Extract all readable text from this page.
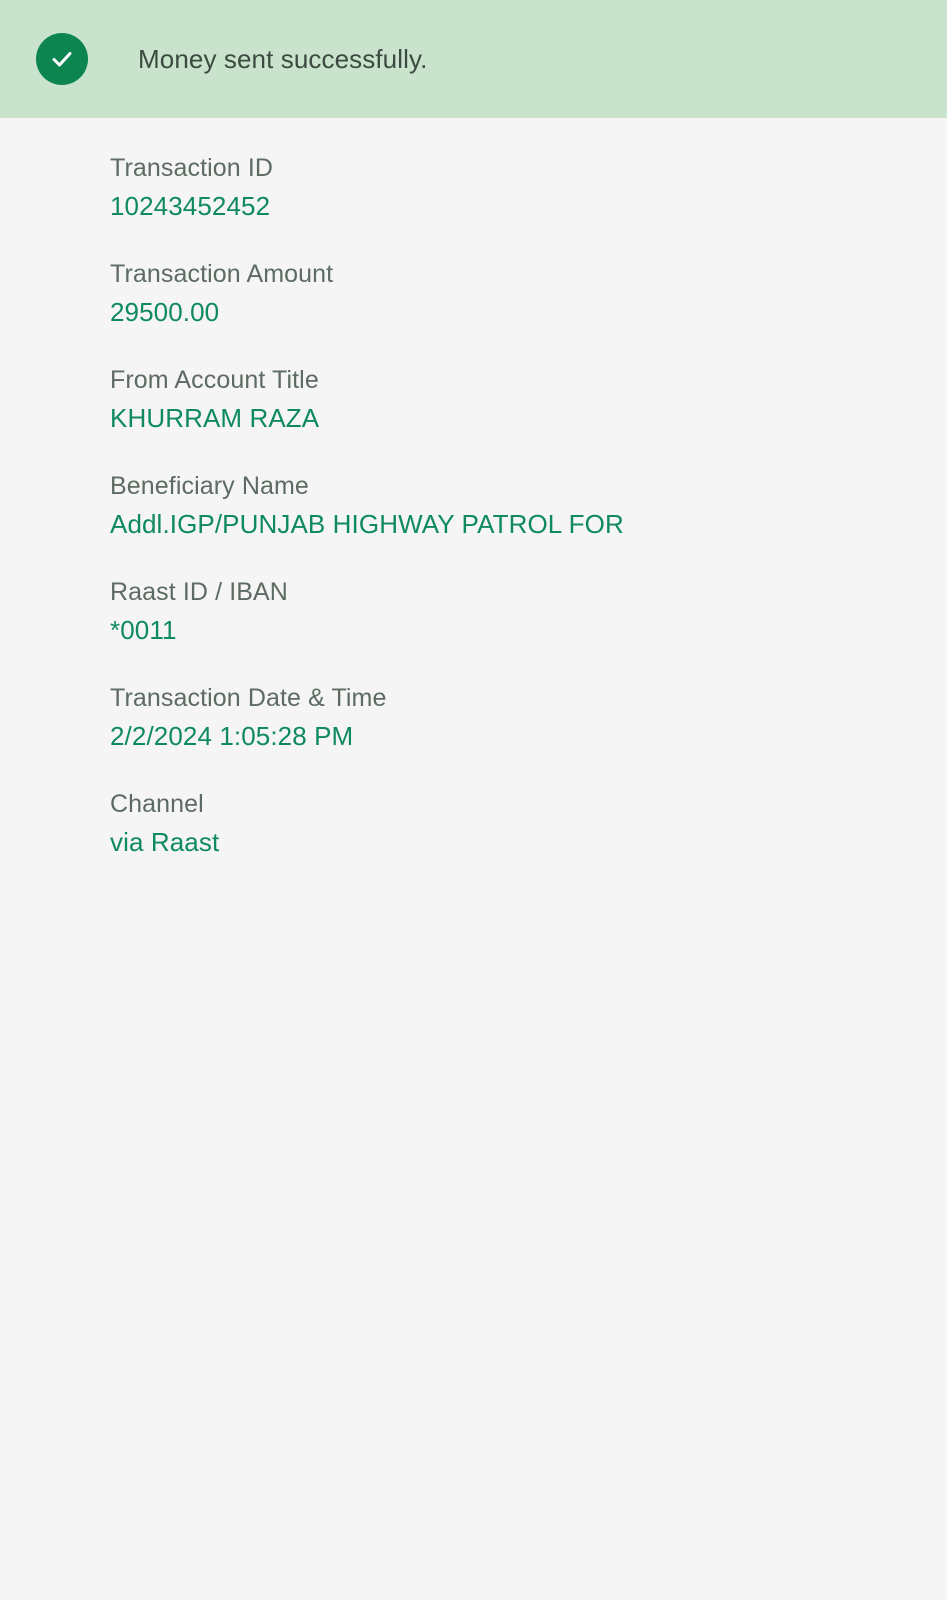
Money sent successfully.
Transaction ID
10243452452
Transaction Amount
29500.00
From Account Title
KHURRAM RAZA
Beneficiary Name
Addl.IGP/PUNJAB HIGHWAY PATROL FOR
Raast ID / IBAN
*0011
Transaction Date & Time
2/2/2024 1:05:28 PM
Channel
via Raast
